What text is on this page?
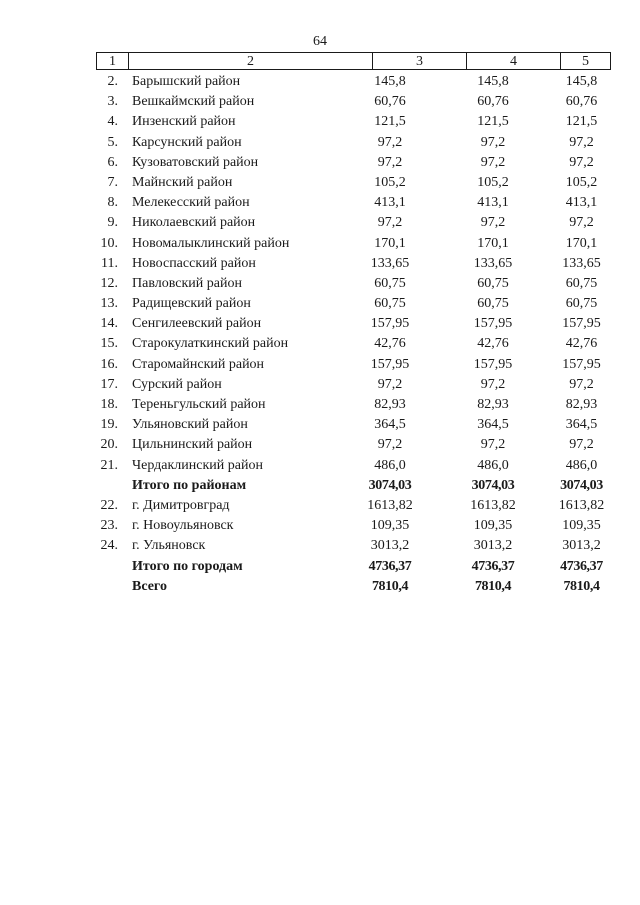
64
1	2	3	4	5
2. Барышский район	145,8	145,8	145,8
3. Вешкаймский район	60,76	60,76	60,76
4. Инзенский район	121,5	121,5	121,5
5. Карсунский район	97,2	97,2	97,2
6. Кузоватовский район	97,2	97,2	97,2
7. Майнский район	105,2	105,2	105,2
8. Мелекесский район	413,1	413,1	413,1
9. Николаевский район	97,2	97,2	97,2
10. Новомалыклинский район	170,1	170,1	170,1
11. Новоспасский район	133,65	133,65	133,65
12. Павловский район	60,75	60,75	60,75
13. Радищевский район	60,75	60,75	60,75
14. Сенгилеевский район	157,95	157,95	157,95
15. Старокулаткинский район	42,76	42,76	42,76
16. Старомайнский район	157,95	157,95	157,95
17. Сурский район	97,2	97,2	97,2
18. Тереньгульский район	82,93	82,93	82,93
19. Ульяновский район	364,5	364,5	364,5
20. Цильнинский район	97,2	97,2	97,2
21. Чердаклинский район	486,0	486,0	486,0
Итого по районам	3074,03	3074,03	3074,03
22. г. Димитровград	1613,82	1613,82	1613,82
23. г. Новоульяновск	109,35	109,35	109,35
24. г. Ульяновск	3013,2	3013,2	3013,2
Итого по городам	4736,37	4736,37	4736,37
Всего	7810,4	7810,4	7810,4
